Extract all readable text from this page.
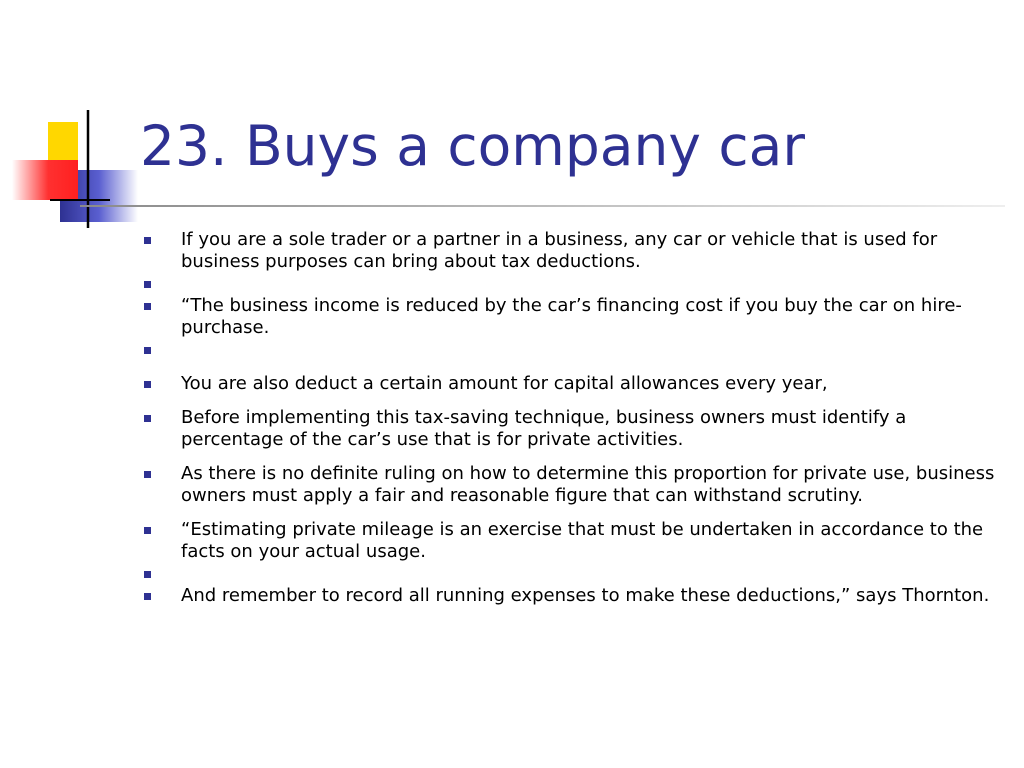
23. Buys a company car
If you are a sole trader or a partner in a business, any car or vehicle that is used for business purposes can bring about tax deductions.
“The business income is reduced by the car’s financing cost if you buy the car on hire-purchase.
You are also deduct a certain amount for capital allowances every year,
Before implementing this tax-saving technique, business owners must identify a percentage of the car’s use that is for private activities.
As there is no definite ruling on how to determine this proportion for private use, business owners must apply a fair and reasonable figure that can withstand scrutiny.
“Estimating private mileage is an exercise that must be undertaken in accordance to the facts on your actual usage.
And remember to record all running expenses to make these deductions,” says Thornton.
